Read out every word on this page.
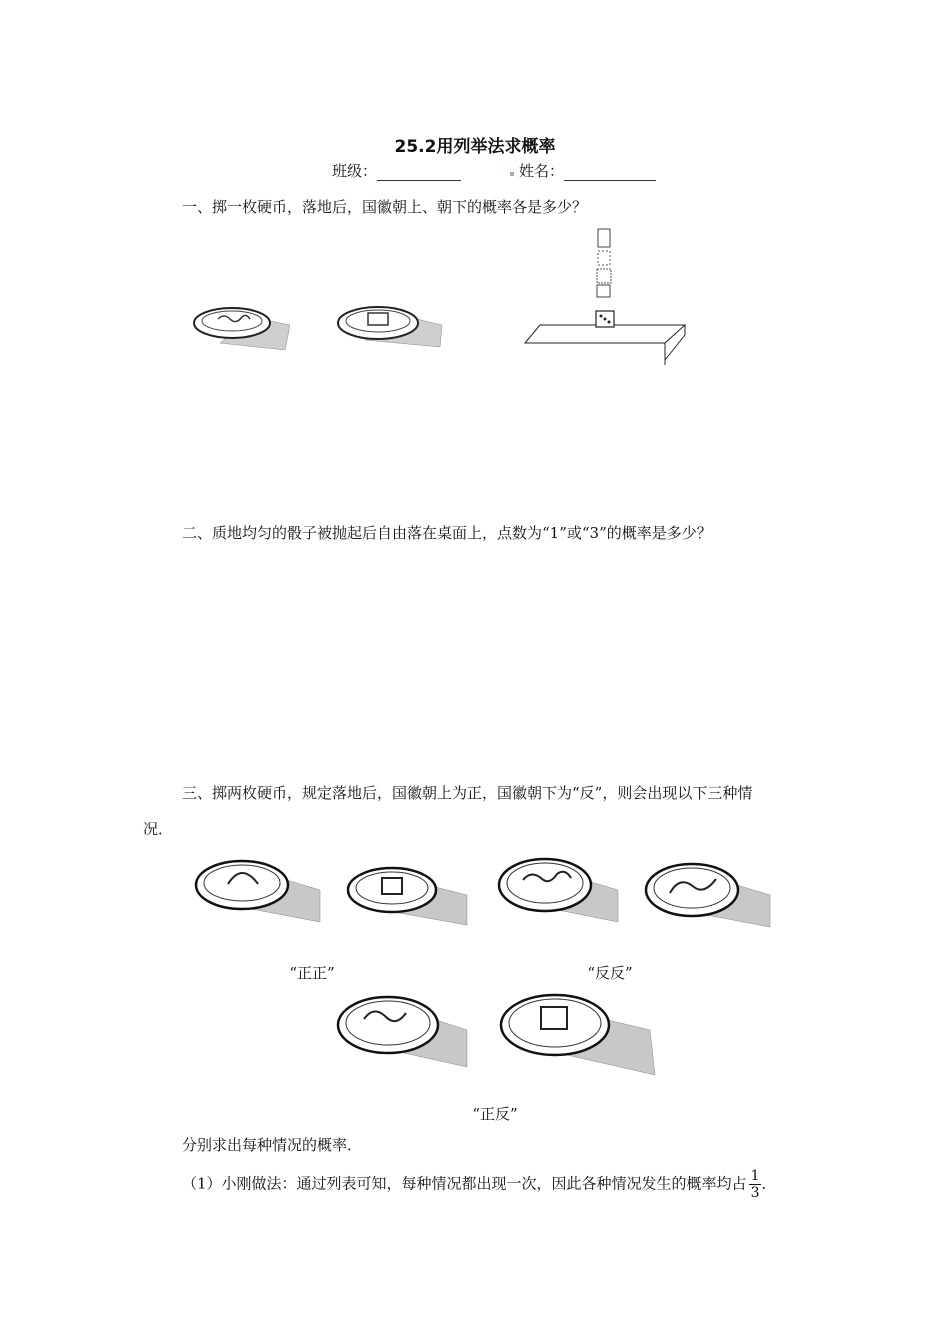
25.2用列举法求概率
班级：	姓名：
一、掷一枚硬币，落地后，国徽朝上、朝下的概率各是多少？
二、质地均匀的骰子被抛起后自由落在桌面上，点数为“1”或“3”的概率是多少？
三、掷两枚硬币，规定落地后，国徽朝上为正，国徽朝下为“反”，则会出现以下三种情
况．
“正正”	“反反”
“正反”
分别求出每种情况的概率．
（1）小刚做法：通过列表可知，每种情况都出现一次，因此各种情况发生的概率均占 $\frac{1}{3}$ ．
